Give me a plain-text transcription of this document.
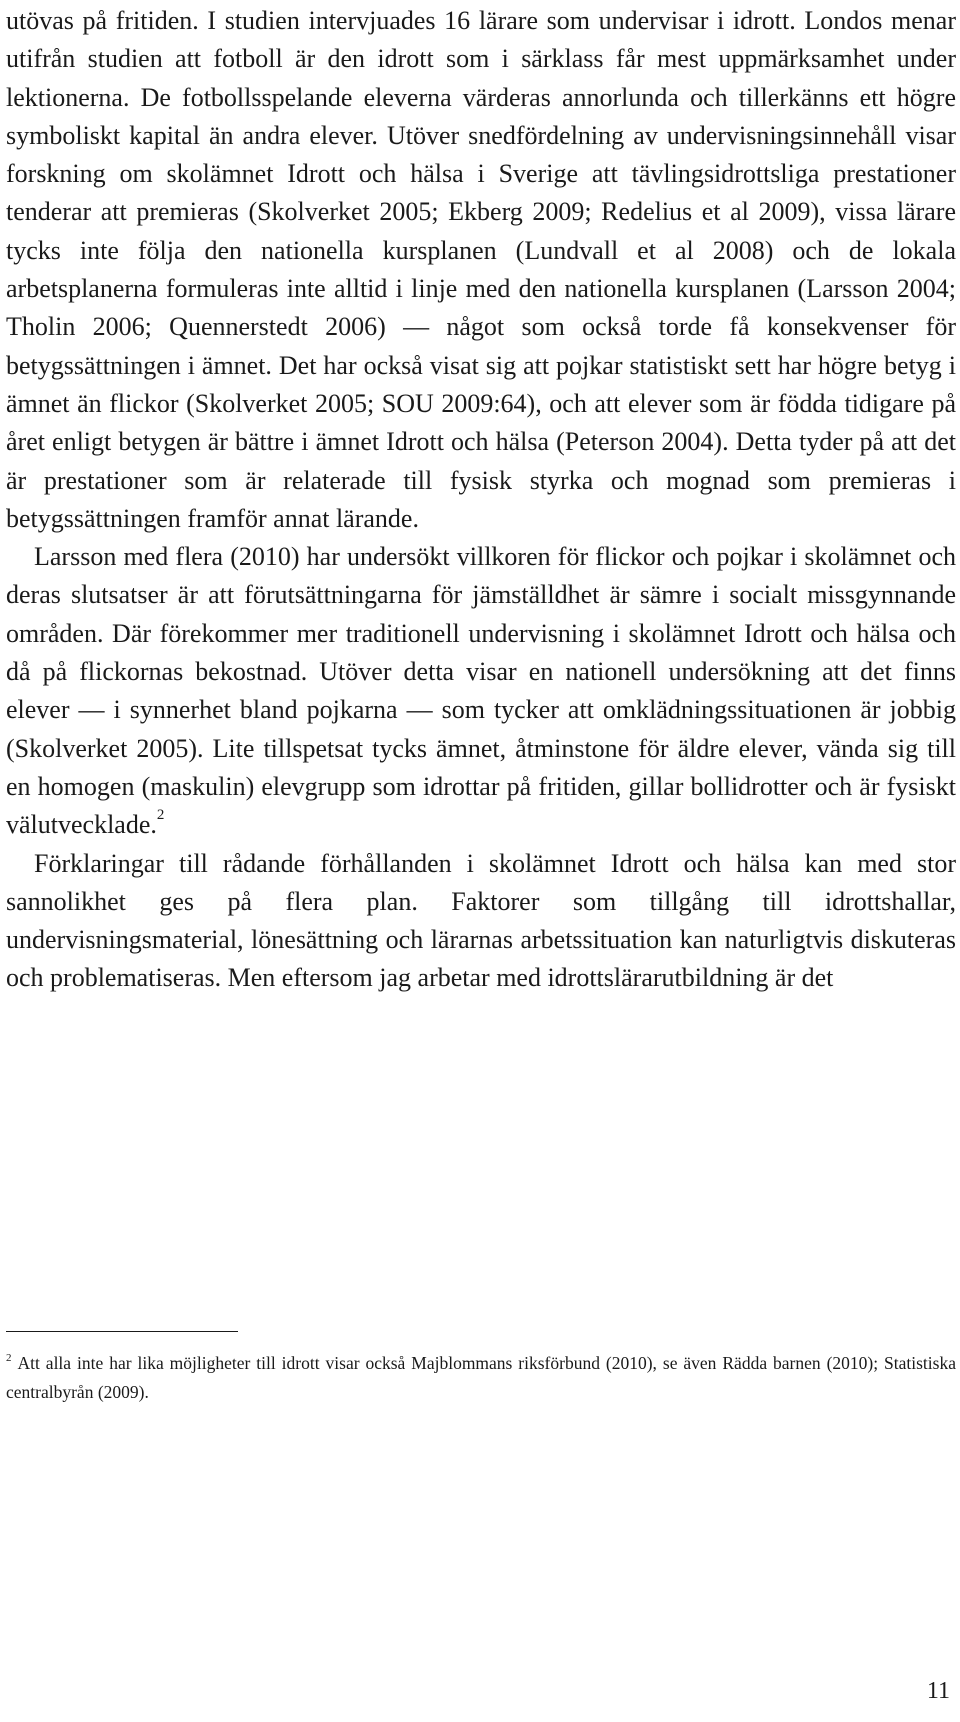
utövas på fritiden. I studien intervjuades 16 lärare som undervisar i idrott. Londos menar utifrån studien att fotboll är den idrott som i särklass får mest uppmärksamhet under lektionerna. De fotbollsspelande eleverna värderas annorlunda och tillerkänns ett högre symboliskt kapital än andra elever. Utöver snedfördelning av undervisningsinnehåll visar forskning om skolämnet Idrott och hälsa i Sverige att tävlingsidrottsliga prestationer tenderar att premieras (Skolverket 2005; Ekberg 2009; Redelius et al 2009), vissa lärare tycks inte följa den nationella kursplanen (Lundvall et al 2008) och de lokala arbetsplanerna formuleras inte alltid i linje med den nationella kursplanen (Larsson 2004; Tholin 2006; Quennerstedt 2006) — något som också torde få konsekvenser för betygssättningen i ämnet. Det har också visat sig att pojkar statistiskt sett har högre betyg i ämnet än flickor (Skolverket 2005; SOU 2009:64), och att elever som är födda tidigare på året enligt betygen är bättre i ämnet Idrott och hälsa (Peterson 2004). Detta tyder på att det är prestationer som är relaterade till fysisk styrka och mognad som premieras i betygssättningen framför annat lärande.

Larsson med flera (2010) har undersökt villkoren för flickor och pojkar i skolämnet och deras slutsatser är att förutsättningarna för jämställdhet är sämre i socialt missgynnande områden. Där förekommer mer traditionell undervisning i skolämnet Idrott och hälsa och då på flickornas bekostnad. Utöver detta visar en nationell undersökning att det finns elever — i synnerhet bland pojkarna — som tycker att omklädningssituationen är jobbig (Skolverket 2005). Lite tillspetsat tycks ämnet, åtminstone för äldre elever, vända sig till en homogen (maskulin) elevgrupp som idrottar på fritiden, gillar bollidrotter och är fysiskt välutvecklade.$^2$

Förklaringar till rådande förhållanden i skolämnet Idrott och hälsa kan med stor sannolikhet ges på flera plan. Faktorer som tillgång till idrottshallar, undervisningsmaterial, lönesättning och lärarnas arbetssituation kan naturligtvis diskuteras och problematiseras. Men eftersom jag arbetar med idrottslärarutbildning är det

$^2$ Att alla inte har lika möjligheter till idrott visar också Majblommans riksförbund (2010), se även Rädda barnen (2010); Statistiska centralbyrån (2009).
11
